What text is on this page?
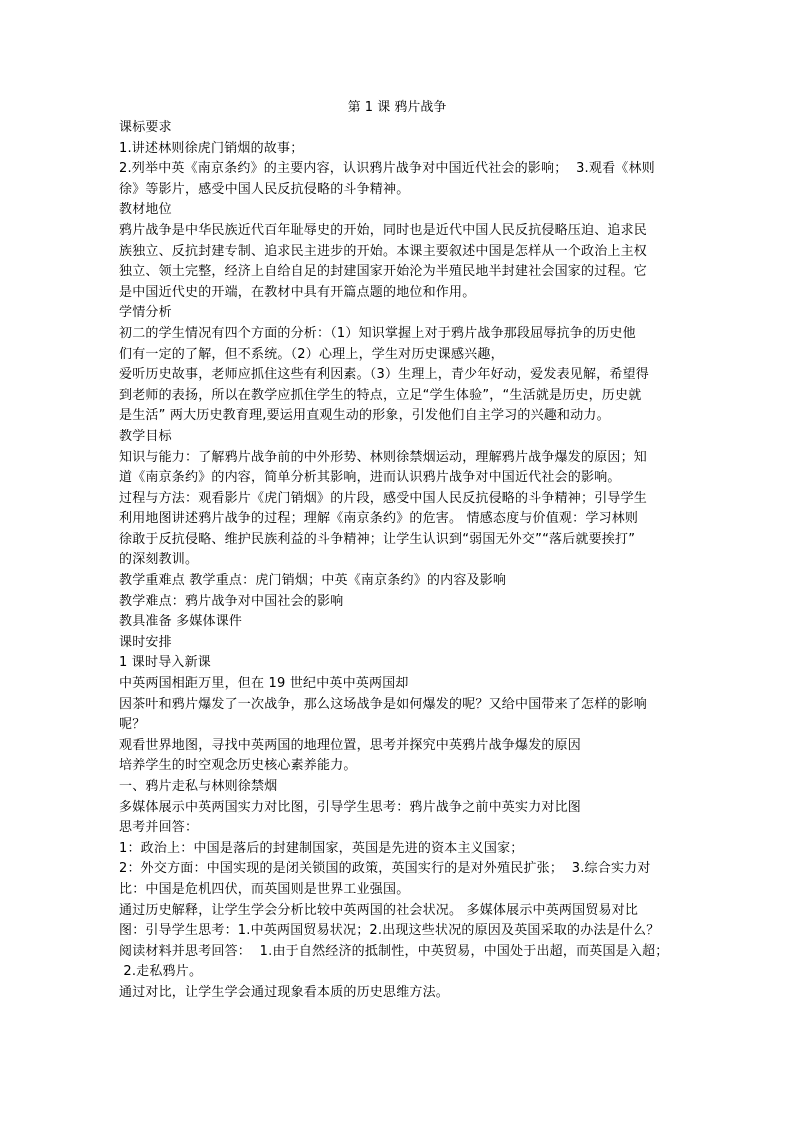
第 1 课 鸦片战争

课标要求

1.讲述林则徐虎门销烟的故事；

2.列举中英《南京条约》的主要内容，认识鸦片战争对中国近代社会的影响；  3.观看《林则

徐》等影片，感受中国人民反抗侵略的斗争精神。

教材地位

鸦片战争是中华民族近代百年耻辱史的开始，同时也是近代中国人民反抗侵略压迫、追求民

族独立、反抗封建专制、追求民主进步的开始。本课主要叙述中国是怎样从一个政治上主权

独立、领土完整，经济上自给自足的封建国家开始沦为半殖民地半封建社会国家的过程。它

是中国近代史的开端，在教材中具有开篇点题的地位和作用。

学情分析

初二的学生情况有四个方面的分析：（1）知识掌握上对于鸦片战争那段屈辱抗争的历史他

们有一定的了解，但不系统。（2）心理上，学生对历史课感兴趣，

爱听历史故事，老师应抓住这些有利因素。（3）生理上，青少年好动，爱发表见解，希望得

到老师的表扬，所以在教学应抓住学生的特点，立足“学生体验”，“生活就是历史，历史就

是生活” 两大历史教育理,要运用直观生动的形象，引发他们自主学习的兴趣和动力。

教学目标

知识与能力：了解鸦片战争前的中外形势、林则徐禁烟运动，理解鸦片战争爆发的原因；知

道《南京条约》的内容，简单分析其影响，进而认识鸦片战争对中国近代社会的影响。

过程与方法：观看影片《虎门销烟》的片段，感受中国人民反抗侵略的斗争精神；引导学生

利用地图讲述鸦片战争的过程；理解《南京条约》的危害。 情感态度与价值观：学习林则

徐敢于反抗侵略、维护民族利益的斗争精神；让学生认识到“弱国无外交”“落后就要挨打”

的深刻教训。

教学重难点 教学重点：虎门销烟；中英《南京条约》的内容及影响

教学难点：鸦片战争对中国社会的影响

教具准备 多媒体课件

课时安排

1 课时导入新课

中英两国相距万里，但在 19 世纪中英中英两国却

因茶叶和鸦片爆发了一次战争，那么这场战争是如何爆发的呢？又给中国带来了怎样的影响

呢？

观看世界地图，寻找中英两国的地理位置，思考并探究中英鸦片战争爆发的原因

培养学生的时空观念历史核心素养能力。

一、鸦片走私与林则徐禁烟

多媒体展示中英两国实力对比图，引导学生思考：鸦片战争之前中英实力对比图

思考并回答：

1：政治上：中国是落后的封建制国家，英国是先进的资本主义国家；

2：外交方面：中国实现的是闭关锁国的政策，英国实行的是对外殖民扩张；  3.综合实力对

比：中国是危机四伏，而英国则是世界工业强国。

通过历史解释，让学生学会分析比较中英两国的社会状况。 多媒体展示中英两国贸易对比

图：引导学生思考：1.中英两国贸易状况；2.出现这些状况的原因及英国采取的办法是什么？

阅读材料并思考回答：  1.由于自然经济的抵制性，中英贸易，中国处于出超，而英国是入超；

2.走私鸦片。

通过对比，让学生学会通过现象看本质的历史思维方法。
